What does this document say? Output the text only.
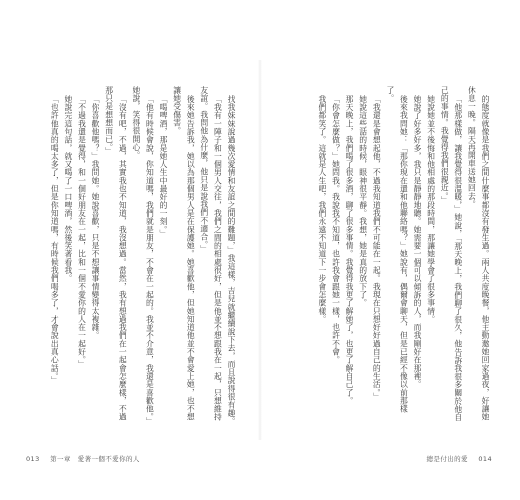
找我妹妹說過幾次愛情和友誼之間的難題，」我這樣，吉兒就繼續說下去，而且說得很有趣。

「我有一陣子和一個男人交往，我們之間的相處很好，但是他並不想跟我在一起，只想維持友誼。我問他為什麼，他只是說我們不適合。」

後來她告訴我，她以為那個男人是在保護她。她喜歡他，但她知道他並不會愛上她，也不想讓她受傷害。

「喝啤酒，那是她人生中最好的一刻。」

「他有時候會說，你知道嗎，我們就是朋友，不會在一起的。我並不介意，我還是喜歡他。」她說，笑得很開心。

「沒有吧，不過，其實我也不知道，我沒想過。當然，我有想過我們在一起會怎麼樣，不過那只是想想而已。」

「你喜歡他嗎？」我問她。她說喜歡，只是不想讓事情變得太複雜。

「不過我還是覺得，和一個好朋友在一起，比和一個不愛你的人在一起好。」

她說完這句話，就又喝了一口啤酒，然後笑著看我。

「也許他真的喝太多了，但是你知道嗎，有時候我們喝多了，才會說出真心話。」

013 第一章　愛著一個不愛你的人

的態度就像是我們之間什麼事都沒有發生過。兩人共度晚餐，他主動邀她回家過夜，好讓她休息一晚。隔天再開車送她回去。

「他那樣做，讓我覺得很溫暖，」她說，「那天晚上，我們聊了很久，他告訴我很多關於他自己的事情。我覺得我們很親近。」

她說她並不後悔和他相處的那段時間，那讓她學會了很多事情。

她說了好多好多，我只是靜靜地聽。她需要一個可以傾訴的人，而我剛好在那裡。

後來我問她：「那你現在還和他聯絡嗎？」她說有，偶爾會聊天，但是已經不像以前那樣了。

「我還是會想起他，不過我知道我們不可能在一起。我現在只想好好過自己的生活。」

她說這些話的時候，眼神很平靜。我想，她是真的放下了。

那天晚上，我們喝了很多酒，聊了很多事情。我覺得我更了解她了，也更了解自己了。

「你會怎麼做？」她問我。我說我不知道，也許我會跟她一樣，也許不會。

我們都笑了。這就是人生吧，我們永遠不知道下一步會怎麼樣。

總是付出的愛 014
